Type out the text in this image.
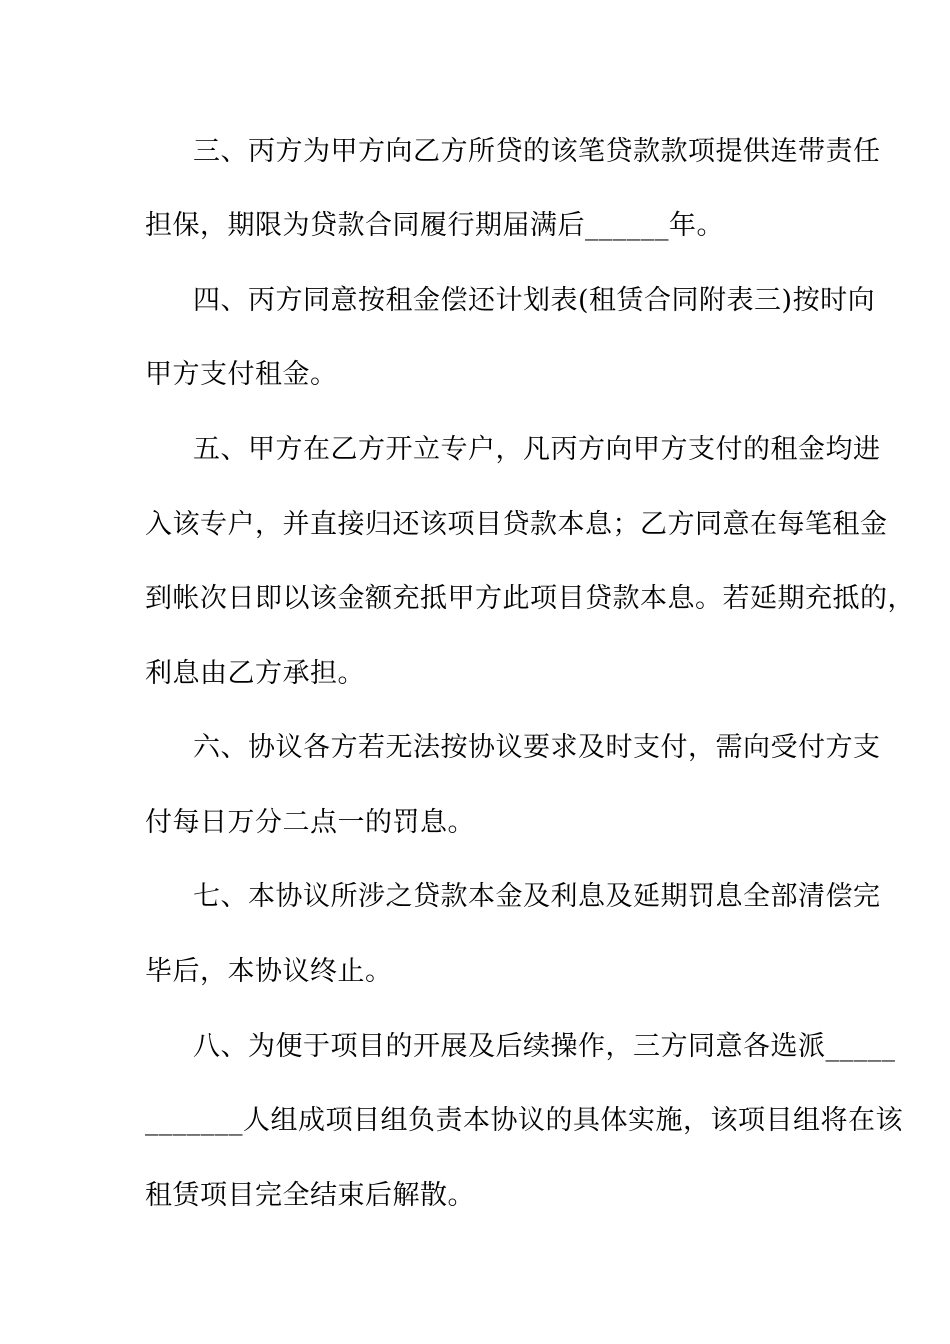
三、丙方为甲方向乙方所贷的该笔贷款款项提供连带责任
担保，期限为贷款合同履行期届满后______年。
四、丙方同意按租金偿还计划表(租赁合同附表三)按时向
甲方支付租金。
五、甲方在乙方开立专户，凡丙方向甲方支付的租金均进
入该专户，并直接归还该项目贷款本息；乙方同意在每笔租金
到帐次日即以该金额充抵甲方此项目贷款本息。若延期充抵的，
利息由乙方承担。
六、协议各方若无法按协议要求及时支付，需向受付方支
付每日万分二点一的罚息。
七、本协议所涉之贷款本金及利息及延期罚息全部清偿完
毕后，本协议终止。
八、为便于项目的开展及后续操作，三方同意各选派_____
_______人组成项目组负责本协议的具体实施，该项目组将在该
租赁项目完全结束后解散。
